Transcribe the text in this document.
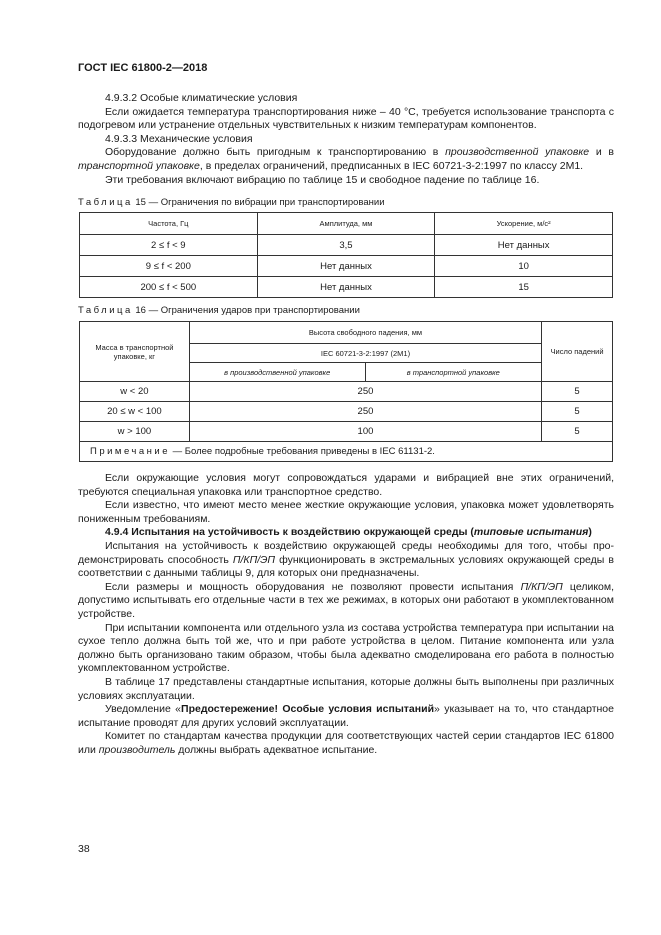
ГОСТ IEC 61800-2—2018

4.9.3.2 Особые климатические условия

Если ожидается температура транспортирования ниже – 40 °С, требуется использование транспорта с подогревом или устранение отдельных чувствительных к низким температурам компонентов.

4.9.3.3 Механические условия

Оборудование должно быть пригодным к транспортированию в производственной упаковке и в транспортной упаковке, в пределах ограничений, предписанных в IEC 60721-3-2:1997 по классу 2М1.

Эти требования включают вибрацию по таблице 15 и свободное падение по таблице 16.

Таблица 15 — Ограничения по вибрации при транспортировании
Частота, Гц	Амплитуда, мм	Ускорение, м/с²
2 ≤ f < 9	3,5	Нет данных
9 ≤ f < 200	Нет данных	10
200 ≤ f < 500	Нет данных	15
Таблица 16 — Ограничения ударов при транспортировании
Масса в транспортной упаковке, кг	Высота свободного падения, мм		Число падений
	IEC 60721-3-2:1997 (2M1)		
	в производственной упаковке	в транспортной упаковке	
w < 20	250		5
20 ≤ w < 100	250		5
w > 100	100		5
Примечание — Более подробные требования приведены в IEC 61131-2.			

Если окружающие условия могут сопровождаться ударами и вибрацией вне этих ограничений, требуются специальная упаковка или транспортное средство.

Если известно, что имеют место менее жесткие окружающие условия, упаковка может удовлетворять пониженным требованиям.

4.9.4 Испытания на устойчивость к воздействию окружающей среды (типовые испытания)

Испытания на устойчивость к воздействию окружающей среды необходимы для того, чтобы продемонстрировать способность П/КП/ЭП функционировать в экстремальных условиях окружающей среды в соответствии с данными таблицы 9, для которых они предназначены.

Если размеры и мощность оборудования не позволяют провести испытания П/КП/ЭП целиком, допустимо испытывать его отдельные части в тех же режимах, в которых они работают в укомплектованном устройстве.

При испытании компонента или отдельного узла из состава устройства температура при испытании на сухое тепло должна быть той же, что и при работе устройства в целом. Питание компонента или узла должно быть организовано таким образом, чтобы была адекватно смоделирована его работа в полностью укомплектованном устройстве.

В таблице 17 представлены стандартные испытания, которые должны быть выполнены при различных условиях эксплуатации.

Уведомление «Предостережение! Особые условия испытаний» указывает на то, что стандартное испытание проводят для других условий эксплуатации.

Комитет по стандартам качества продукции для соответствующих частей серии стандартов IEC 61800 или производитель должны выбрать адекватное испытание.

38
